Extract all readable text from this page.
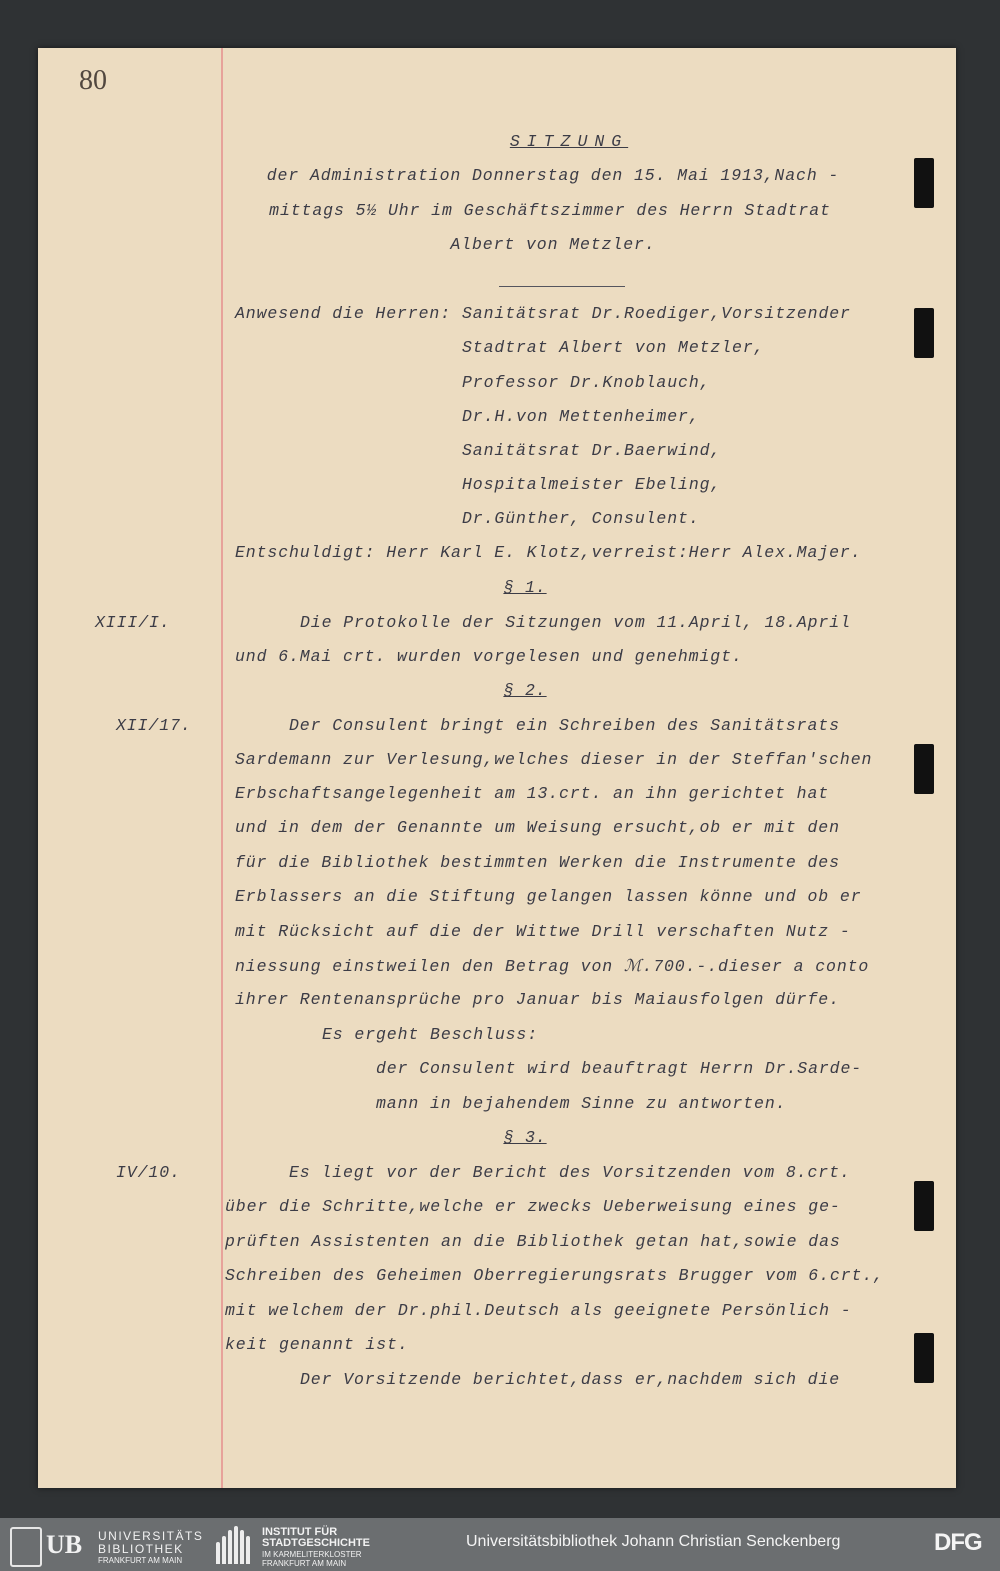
80
SITZUNG
der Administration Donnerstag den 15. Mai 1913,Nach -
mittags 5½ Uhr im Geschäftszimmer des Herrn Stadtrat
Albert von Metzler.
Anwesend die Herren: Sanitätsrat Dr.Roediger,Vorsitzender
Stadtrat Albert von Metzler,
Professor Dr.Knoblauch,
Dr.H.von Mettenheimer,
Sanitätsrat Dr.Baerwind,
Hospitalmeister Ebeling,
Dr.Günther, Consulent.
Entschuldigt: Herr Karl E. Klotz,verreist:Herr Alex.Majer.
§ 1.
XIII/I.	Die Protokolle der Sitzungen vom 11.April, 18.April
und 6.Mai crt. wurden vorgelesen und genehmigt.
§ 2.
XII/17.	Der Consulent bringt ein Schreiben des Sanitätsrats
Sardemann zur Verlesung,welches dieser in der Steffan'schen
Erbschaftsangelegenheit am 13.crt. an ihn gerichtet hat
und in dem der Genannte um Weisung ersucht,ob er mit den
für die Bibliothek bestimmten Werken die Instrumente des
Erblassers an die Stiftung gelangen lassen könne und ob er
mit Rücksicht auf die der Wittwe Drill verschaften Nutz -
niessung einstweilen den Betrag von ℳ.700.-.dieser a conto
ihrer Rentenansprüche pro Januar bis Maiausfolgen dürfe.
Es ergeht Beschluss:
der Consulent wird beauftragt Herrn Dr.Sarde-
mann in bejahendem Sinne zu antworten.
§ 3.
IV/10.	Es liegt vor der Bericht des Vorsitzenden vom 8.crt.
über die Schritte,welche er zwecks Ueberweisung eines ge-
prüften Assistenten an die Bibliothek getan hat,sowie das
Schreiben des Geheimen Oberregierungsrats Brugger vom 6.crt.,
mit welchem der Dr.phil.Deutsch als geeignete Persönlich -
keit genannt ist.
Der Vorsitzende berichtet,dass er,nachdem sich die
UB UNIVERSITÄTS
BIBLIOTHEK
FRANKFURT AM MAIN
INSTITUT FÜR
STADTGESCHICHTE
IM KARMELITERKLOSTER
FRANKFURT AM MAIN
Universitätsbibliothek Johann Christian Senckenberg	DFG
